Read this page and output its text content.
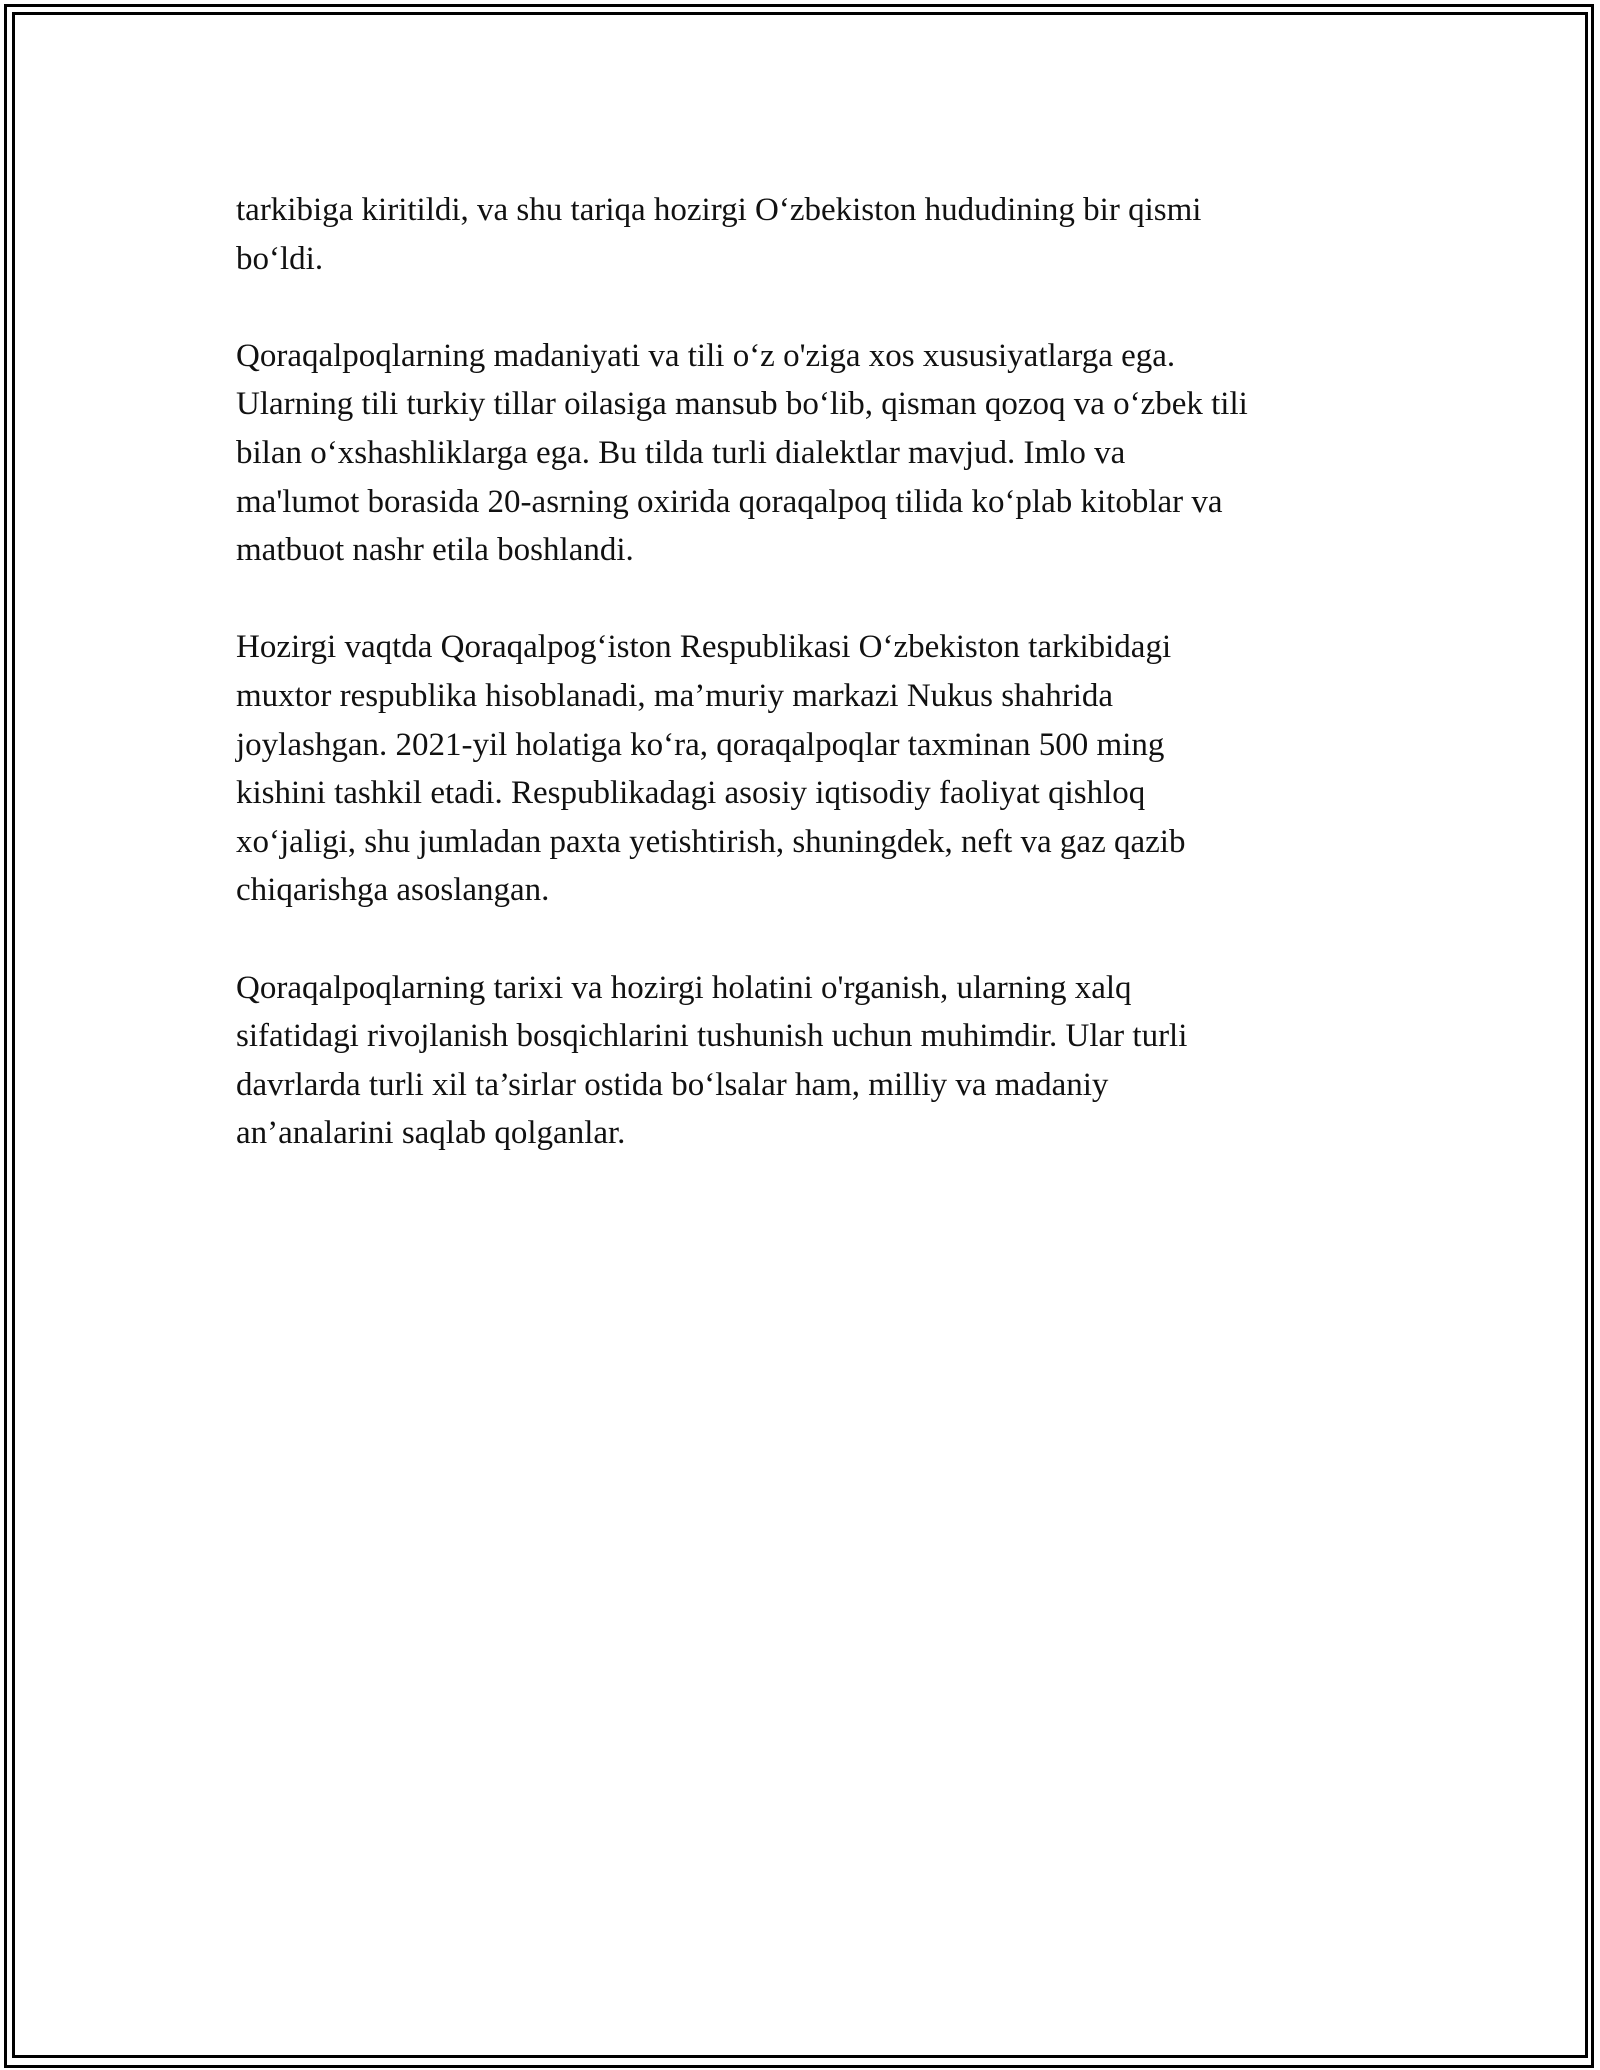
tarkibiga kiritildi, va shu tariqa hozirgi O‘zbekiston hududining bir qismi
bo‘ldi.

Qoraqalpoqlarning madaniyati va tili o‘z o'ziga xos xususiyatlarga ega.
Ularning tili turkiy tillar oilasiga mansub bo‘lib, qisman qozoq va o‘zbek tili
bilan o‘xshashliklarga ega. Bu tilda turli dialektlar mavjud. Imlo va
ma'lumot borasida 20-asrning oxirida qoraqalpoq tilida ko‘plab kitoblar va
matbuot nashr etila boshlandi.

Hozirgi vaqtda Qoraqalpog‘iston Respublikasi O‘zbekiston tarkibidagi
muxtor respublika hisoblanadi, ma’muriy markazi Nukus shahrida
joylashgan. 2021-yil holatiga ko‘ra, qoraqalpoqlar taxminan 500 ming
kishini tashkil etadi. Respublikadagi asosiy iqtisodiy faoliyat qishloq
xo‘jaligi, shu jumladan paxta yetishtirish, shuningdek, neft va gaz qazib
chiqarishga asoslangan.

Qoraqalpoqlarning tarixi va hozirgi holatini o'rganish, ularning xalq
sifatidagi rivojlanish bosqichlarini tushunish uchun muhimdir. Ular turli
davrlarda turli xil ta’sirlar ostida bo‘lsalar ham, milliy va madaniy
an’analarini saqlab qolganlar.
